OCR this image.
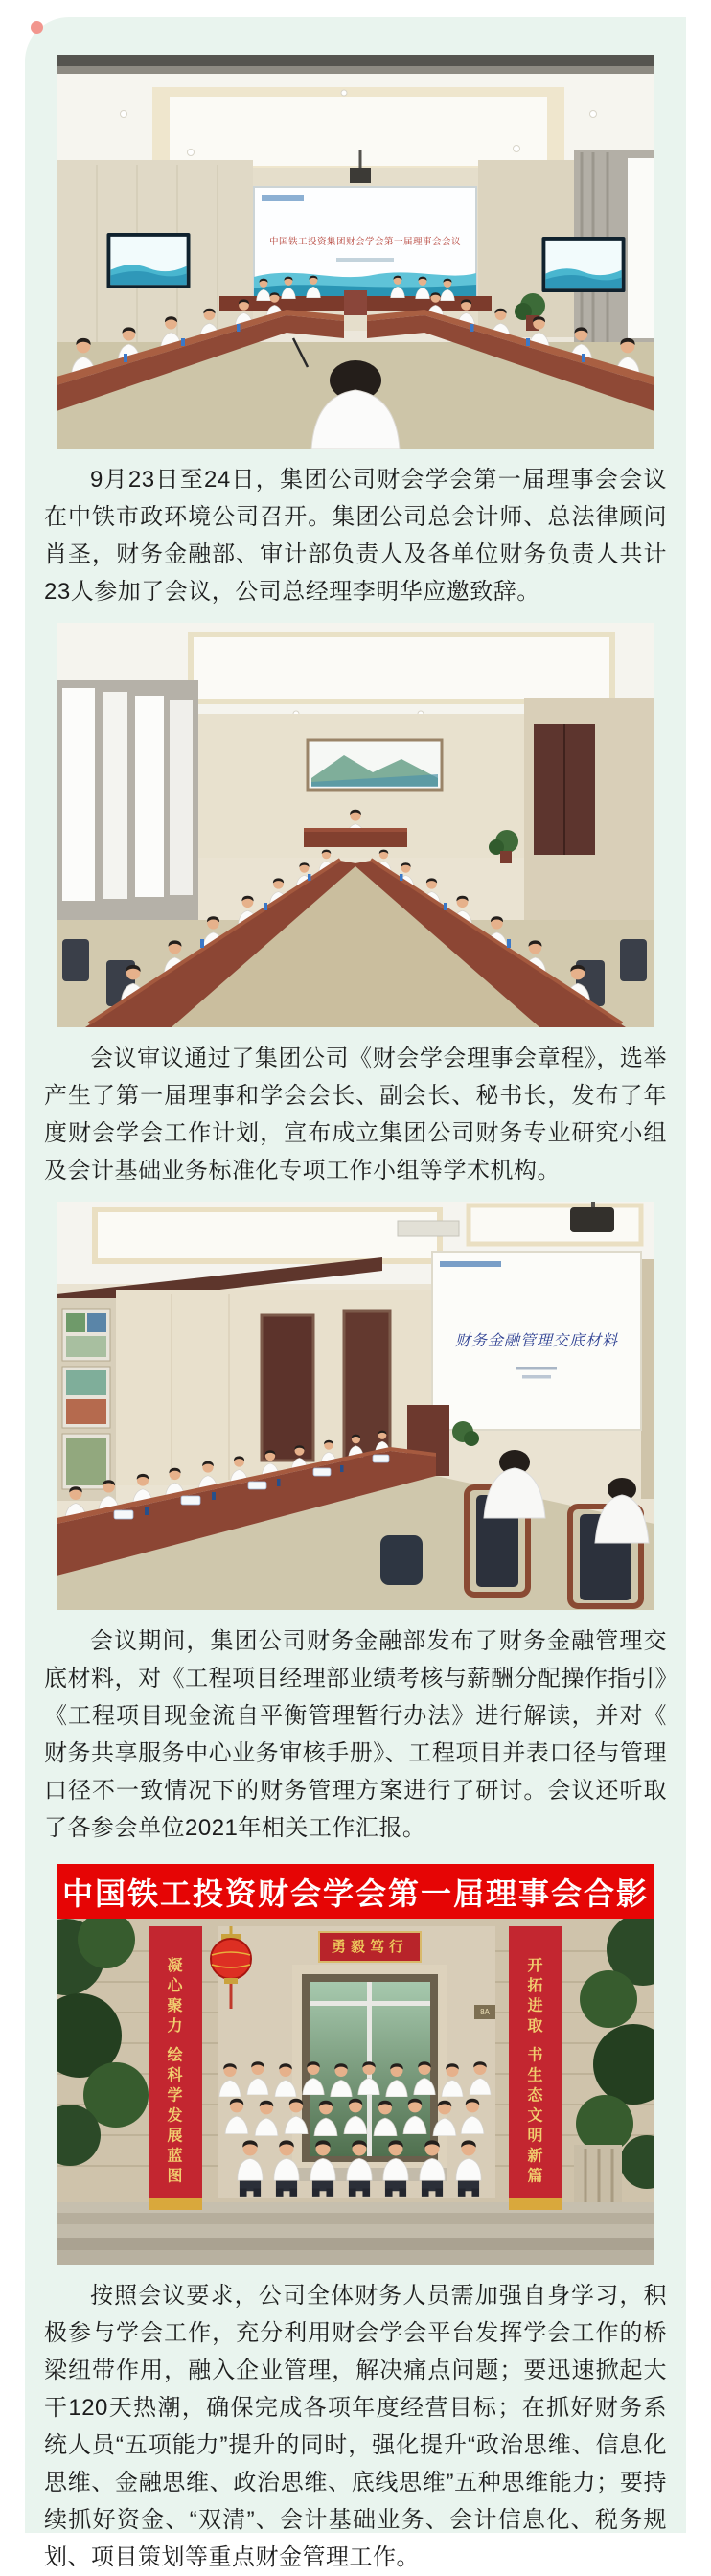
中国铁工投资集团财会学会第一届理事会会议

9月23日至24日，集团公司财会学会第一届理事会会议在中铁市政环境公司召开。集团公司总会计师、总法律顾问肖圣，财务金融部、审计部负责人及各单位财务负责人共计23人参加了会议，公司总经理李明华应邀致辞。

会议审议通过了集团公司《财会学会理事会章程》，选举产生了第一届理事和学会会长、副会长、秘书长，发布了年度财会学会工作计划，宣布成立集团公司财务专业研究小组及会计基础业务标准化专项工作小组等学术机构。

财务金融管理交底材料

会议期间，集团公司财务金融部发布了财务金融管理交底材料，对《工程项目经理部业绩考核与薪酬分配操作指引》《工程项目现金流自平衡管理暂行办法》进行解读，并对《财务共享服务中心业务审核手册》、工程项目并表口径与管理口径不一致情况下的财务管理方案进行了研讨。会议还听取了各参会单位2021年相关工作汇报。

中国铁工投资财会学会第一届理事会合影
勇毅笃行
凝心聚力 绘科学发展蓝图	开拓进取 书生态文明新篇
8A

按照会议要求，公司全体财务人员需加强自身学习，积极参与学会工作，充分利用财会学会平台发挥学会工作的桥梁纽带作用，融入企业管理，解决痛点问题；要迅速掀起大干120天热潮，确保完成各项年度经营目标；在抓好财务系统人员“五项能力”提升的同时，强化提升“政治思维、信息化思维、金融思维、政治思维、底线思维”五种思维能力；要持续抓好资金、“双清”、会计基础业务、会计信息化、税务规划、项目策划等重点财金管理工作。
